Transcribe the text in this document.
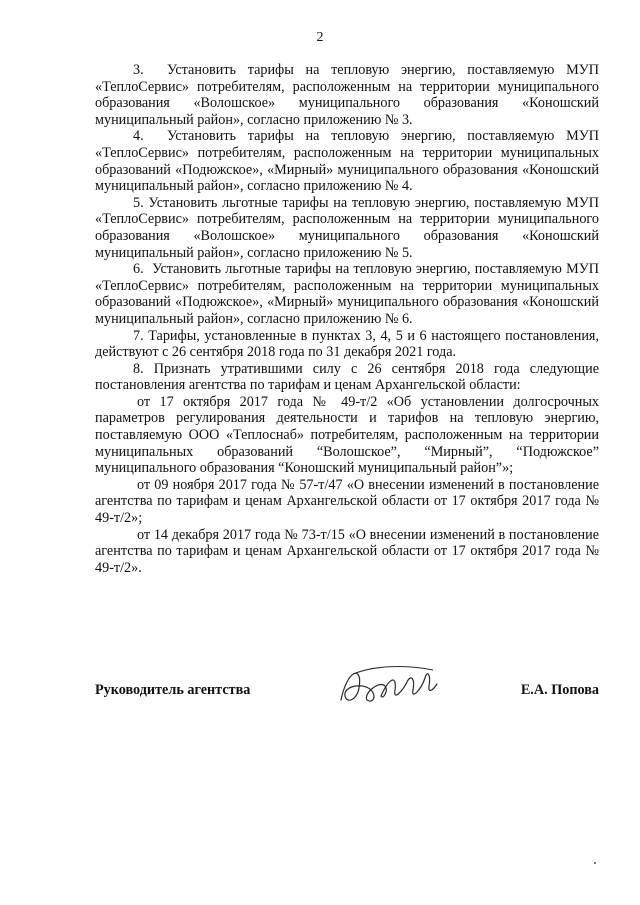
2

3.  Установить тарифы на тепловую энергию, поставляемую МУП «ТеплоСервис» потребителям, расположенным на территории муниципального образования «Волошское» муниципального образования «Коношский муниципальный район», согласно приложению № 3.

4.  Установить тарифы на тепловую энергию, поставляемую МУП «ТеплоСервис» потребителям, расположенным на территории муниципальных образований «Подюжское», «Мирный» муниципального образования «Коношский муниципальный район», согласно приложению № 4.

5. Установить льготные тарифы на тепловую энергию, поставляемую МУП «ТеплоСервис» потребителям, расположенным на территории муниципального образования «Волошское» муниципального образования «Коношский муниципальный район», согласно приложению № 5.

6.  Установить льготные тарифы на тепловую энергию, поставляемую МУП «ТеплоСервис» потребителям, расположенным на территории муниципальных образований «Подюжское», «Мирный» муниципального образования «Коношский муниципальный район», согласно приложению № 6.

7. Тарифы, установленные в пунктах 3, 4, 5 и 6 настоящего постановления, действуют с 26 сентября 2018 года по 31 декабря 2021 года.

8. Признать утратившими силу с 26 сентября 2018 года следующие постановления агентства по тарифам и ценам Архангельской области:

от 17 октября 2017 года № 49-т/2 «Об установлении долгосрочных параметров регулирования деятельности и тарифов на тепловую энергию, поставляемую ООО «Теплоснаб» потребителям, расположенным на территории муниципальных образований “Волошское”, “Мирный”, “Подюжское” муниципального образования “Коношский муниципальный район”»;

от 09 ноября 2017 года № 57-т/47 «О внесении изменений в постановление агентства по тарифам и ценам Архангельской области от 17 октября 2017 года № 49-т/2»;

от 14 декабря 2017 года № 73-т/15 «О внесении изменений в постановление агентства по тарифам и ценам Архангельской области от 17 октября 2017 года № 49-т/2».

Руководитель агентства	Е.А. Попова
